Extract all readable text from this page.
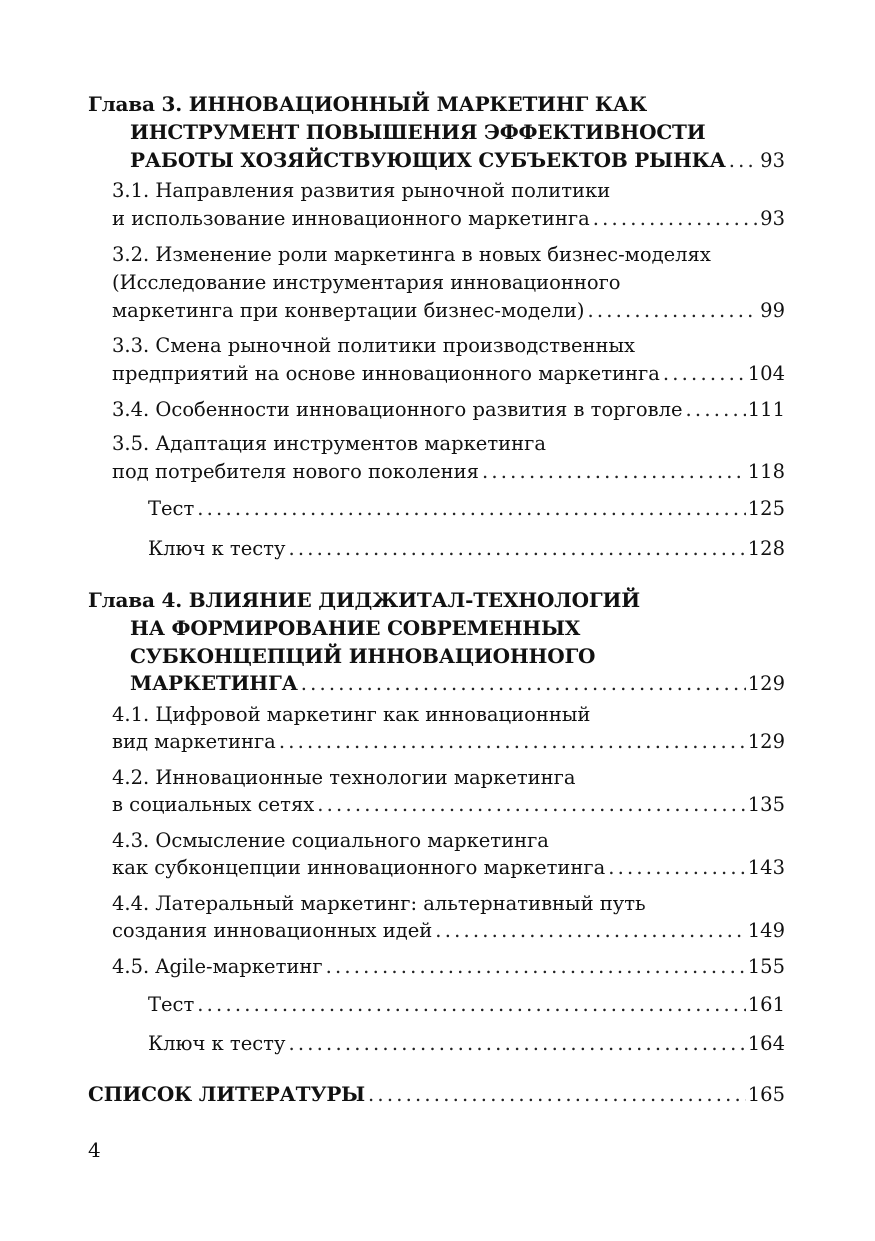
Глава 3.
ИННОВАЦИОННЫЙ МАРКЕТИНГ КАК
ИНСТРУМЕНТ ПОВЫШЕНИЯ ЭФФЕКТИВНОСТИ
РАБОТЫ ХОЗЯЙСТВУЮЩИХ СУБЪЕКТОВ РЫНКА . . . 93
3.1. Направления развития рыночной политики
и использование инновационного маркетинга . . .	93
3.2. Изменение роли маркетинга в новых бизнес-моделях
(Исследование инструментария инновационного
маркетинга при конвертации бизнес-модели) . . .	99
3.3. Смена рыночной политики производственных
предприятий на основе инновационного маркетинга . . .	104
3.4. Особенности инновационного развития в торговле . . .	111
3.5. Адаптация инструментов маркетинга
под потребителя нового поколения . . .	118
Тест . . .	125
Ключ к тесту . . .	128
Глава 4.
ВЛИЯНИЕ ДИДЖИТАЛ-ТЕХНОЛОГИЙ
НА ФОРМИРОВАНИЕ СОВРЕМЕННЫХ
СУБКОНЦЕПЦИЙ ИННОВАЦИОННОГО
МАРКЕТИНГА . . .	129
4.1. Цифровой маркетинг как инновационный
вид маркетинга . . .	129
4.2. Инновационные технологии маркетинга
в социальных сетях . . .	135
4.3. Осмысление социального маркетинга
как субконцепции инновационного маркетинга . . .	143
4.4. Латеральный маркетинг: альтернативный путь
создания инновационных идей . . .	149
4.5. Agile-маркетинг . . .	155
Тест . . .	161
Ключ к тесту . . .	164
СПИСОК ЛИТЕРАТУРЫ . . .	165
4
